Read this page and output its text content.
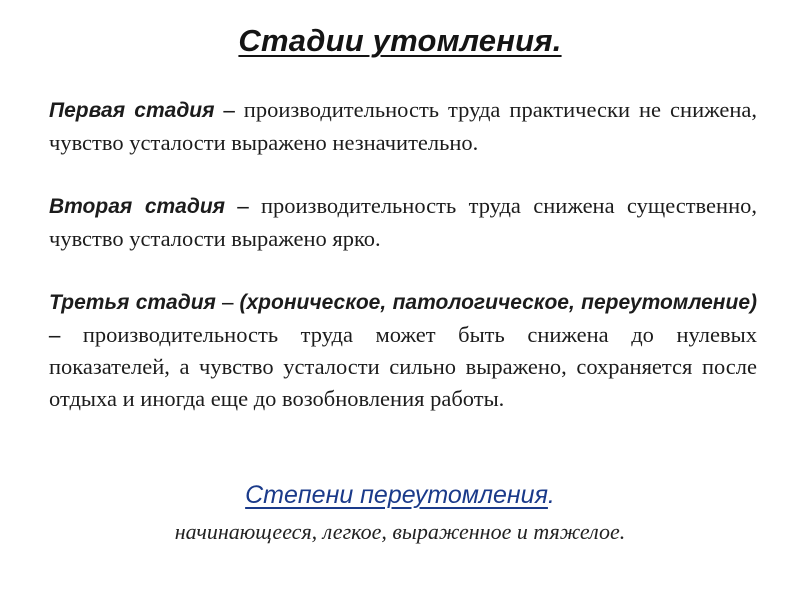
Стадии утомления.
Первая стадия – производительность труда практически не снижена, чувство усталости выражено незначительно.
Вторая стадия – производительность труда снижена существенно, чувство усталости выражено ярко.
Третья стадия – (хроническое, патологическое, переутомление) – производительность труда может быть снижена до нулевых показателей, а чувство усталости сильно выражено, сохраняется после отдыха и иногда еще до возобновления работы.
Степени переутомления.
начинающееся, легкое, выраженное и тяжелое.
